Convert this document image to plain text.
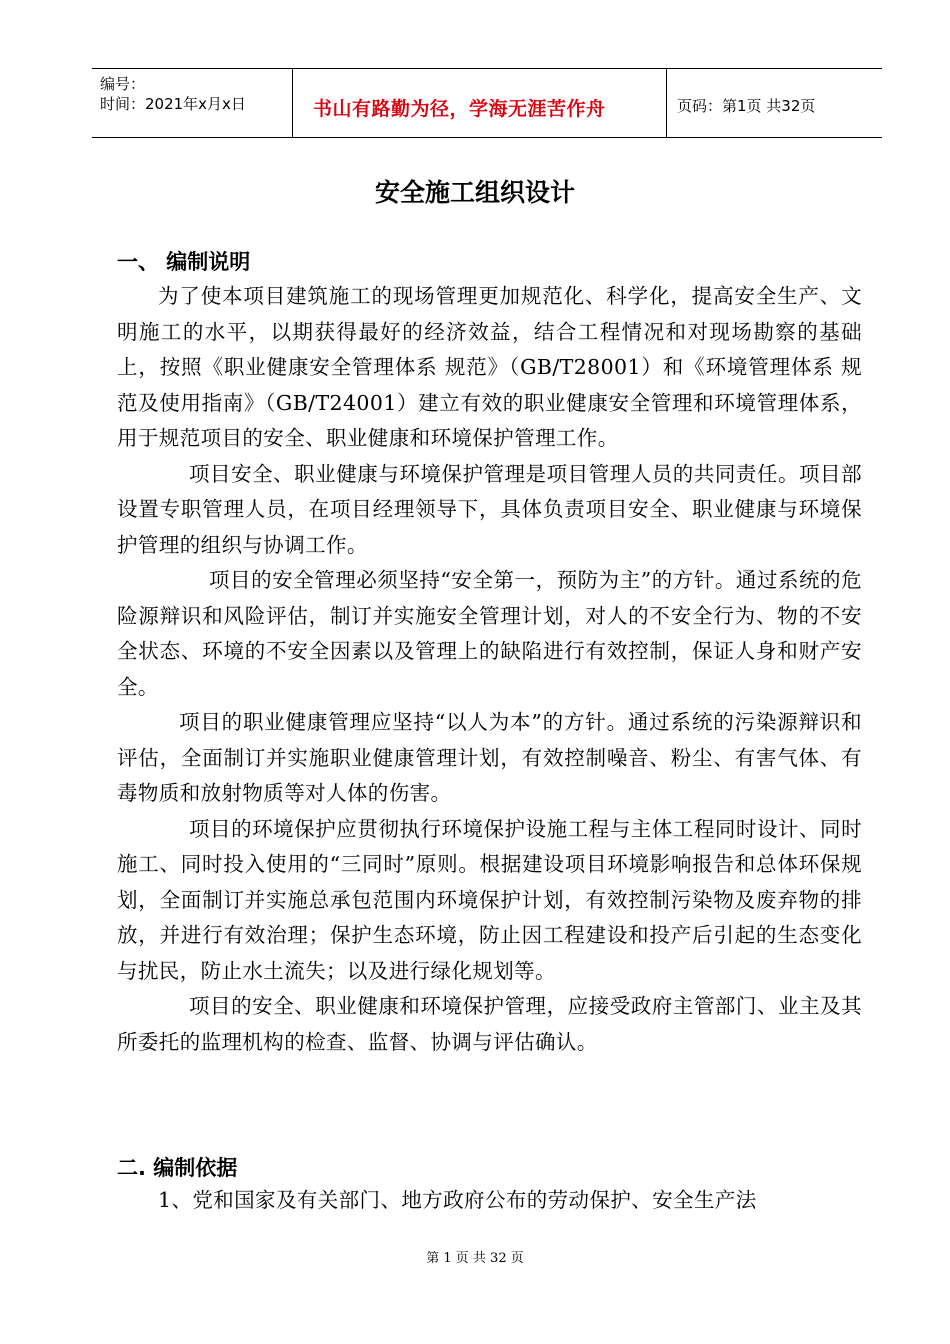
编号：
时间：2021年x月x日	书山有路勤为径，学海无涯苦作舟	页码：第1页 共32页
安全施工组织设计
一、 编制说明

为了使本项目建筑施工的现场管理更加规范化、科学化，提高安全生产、文明施工的水平，以期获得最好的经济效益，结合工程情况和对现场勘察的基础上，按照《职业健康安全管理体系 规范》（GB/T28001）和《环境管理体系 规范及使用指南》（GB/T24001）建立有效的职业健康安全管理和环境管理体系，用于规范项目的安全、职业健康和环境保护管理工作。

项目安全、职业健康与环境保护管理是项目管理人员的共同责任。项目部设置专职管理人员，在项目经理领导下，具体负责项目安全、职业健康与环境保护管理的组织与协调工作。

项目的安全管理必须坚持“安全第一，预防为主”的方针。通过系统的危险源辩识和风险评估，制订并实施安全管理计划，对人的不安全行为、物的不安全状态、环境的不安全因素以及管理上的缺陷进行有效控制，保证人身和财产安全。

项目的职业健康管理应坚持“以人为本”的方针。通过系统的污染源辩识和评估，全面制订并实施职业健康管理计划，有效控制噪音、粉尘、有害气体、有毒物质和放射物质等对人体的伤害。

项目的环境保护应贯彻执行环境保护设施工程与主体工程同时设计、同时施工、同时投入使用的“三同时”原则。根据建设项目环境影响报告和总体环保规划，全面制订并实施总承包范围内环境保护计划，有效控制污染物及废弃物的排放，并进行有效治理；保护生态环境，防止因工程建设和投产后引起的生态变化与扰民，防止水土流失；以及进行绿化规划等。

项目的安全、职业健康和环境保护管理，应接受政府主管部门、业主及其所委托的监理机构的检查、监督、协调与评估确认。

二. 编制依据

1、党和国家及有关部门、地方政府公布的劳动保护、安全生产法

第 1 页 共 32 页
